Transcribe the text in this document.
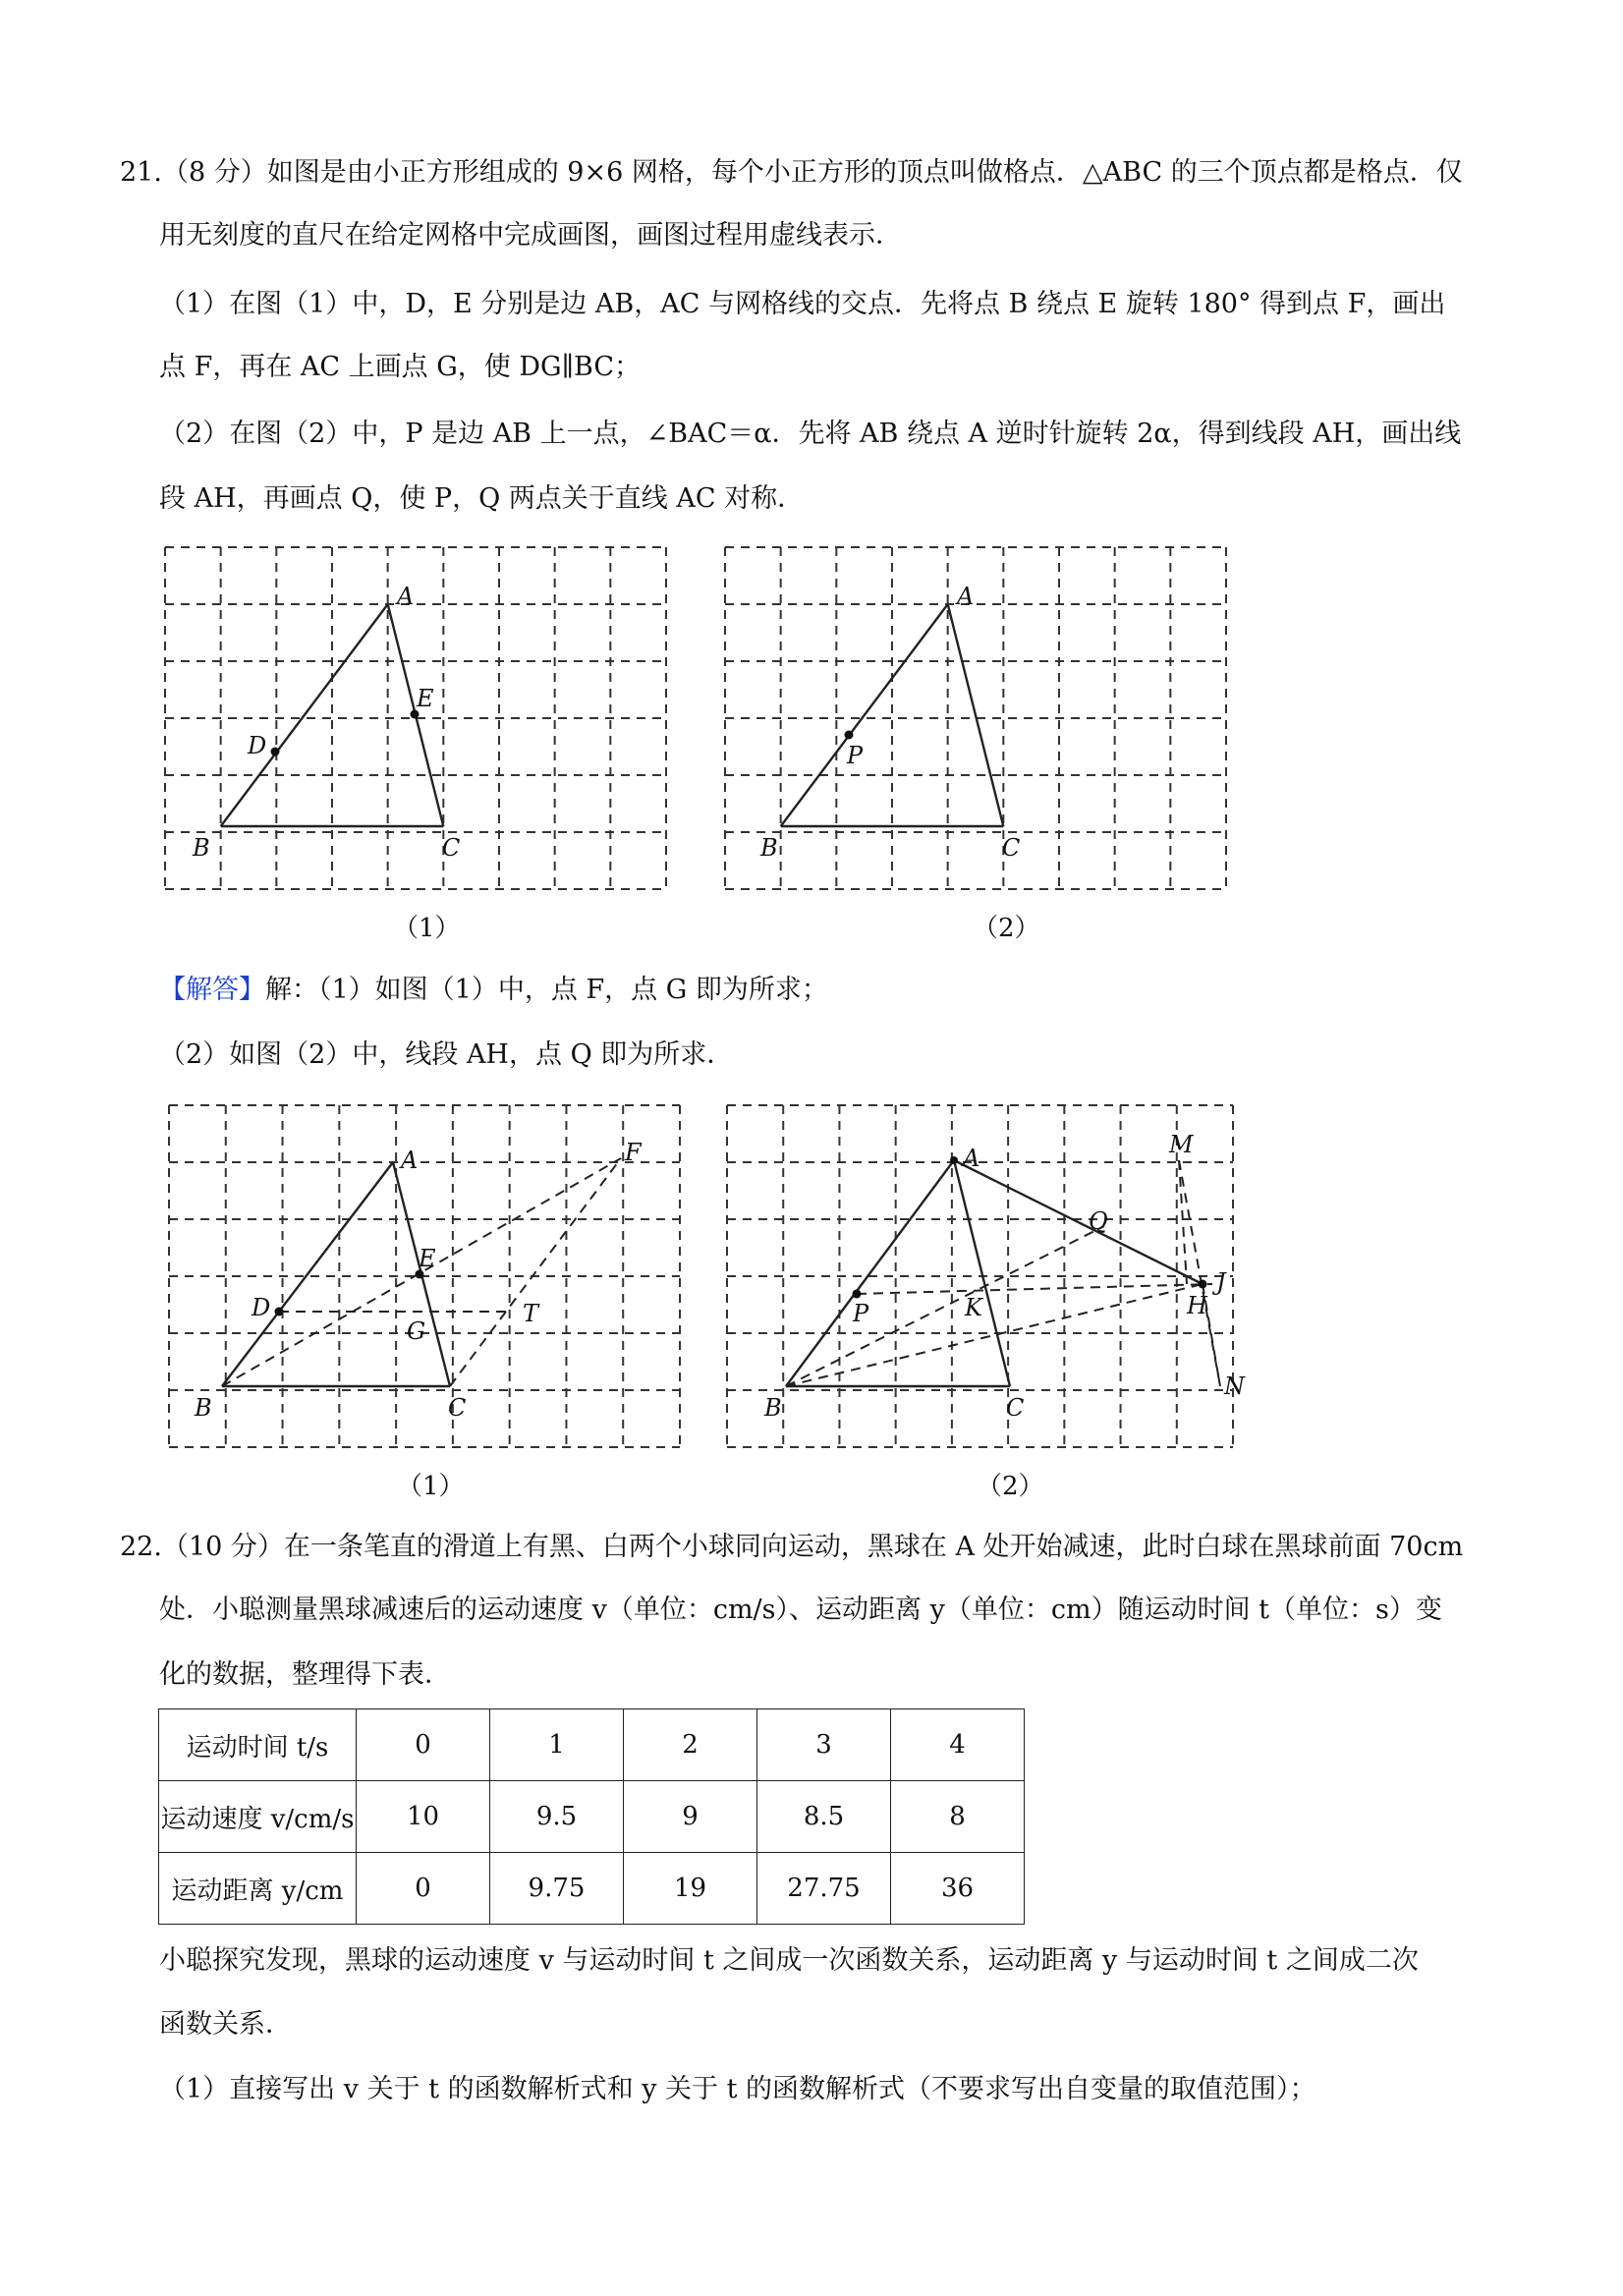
21.（8 分）如图是由小正方形组成的 9×6 网格，每个小正方形的顶点叫做格点．△ABC 的三个顶点都是格点．仅
用无刻度的直尺在给定网格中完成画图，画图过程用虚线表示．
（1）在图（1）中，D，E 分别是边 AB，AC 与网格线的交点．先将点 B 绕点 E 旋转 180° 得到点 F，画出
点 F，再在 AC 上画点 G，使 DG∥BC；
（2）在图（2）中，P 是边 AB 上一点，∠BAC＝α．先将 AB 绕点 A 逆时针旋转 2α，得到线段 AH，画出线
段 AH，再画点 Q，使 P，Q 两点关于直线 AC 对称．
A
E
D
B	C
（1）
A
P
B	C
（2）
【解答】解：（1）如图（1）中，点 F，点 G 即为所求；
（2）如图（2）中，线段 AH，点 Q 即为所求．
A	F
E
D
G
T
B	C
（1）
A	M
Q
K	H
J
P
N
B	C
（2）
22.（10 分）在一条笔直的滑道上有黑、白两个小球同向运动，黑球在 A 处开始减速，此时白球在黑球前面 70cm
处．小聪测量黑球减速后的运动速度 v（单位：cm/s）、运动距离 y（单位：cm）随运动时间 t（单位：s）变
化的数据，整理得下表．
运动时间 t/s	0	1	2	3	4
运动速度 v/cm/s	10	9.5	9	8.5	8
运动距离 y/cm	0	9.75	19	27.75	36
小聪探究发现，黑球的运动速度 v 与运动时间 t 之间成一次函数关系，运动距离 y 与运动时间 t 之间成二次
函数关系．
（1）直接写出 v 关于 t 的函数解析式和 y 关于 t 的函数解析式（不要求写出自变量的取值范围）；
